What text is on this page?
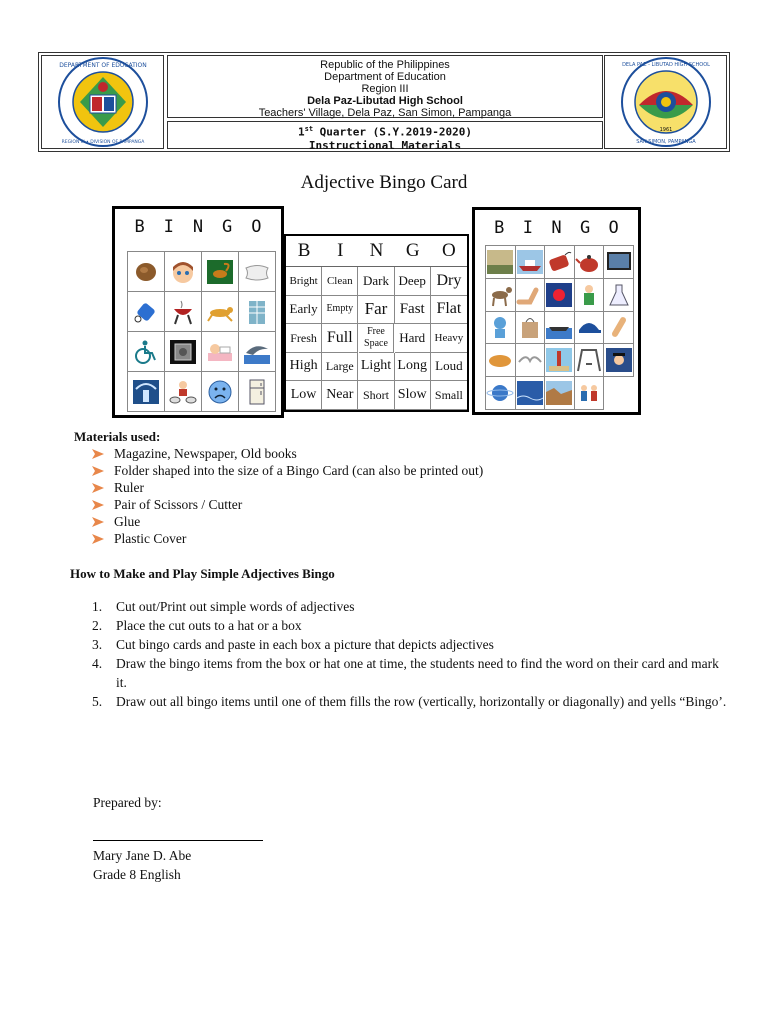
DEPARTMENT OF EDUCATION
REGION III • DIVISION OF PAMPANGA
Republic of the Philippines
Department of Education
Region III
Dela Paz-Libutad High School
Teachers' Village, Dela Paz, San Simon, Pampanga
1st Quarter (S.Y.2019-2020)
Instructional Materials
DELA PAZ - LIBUTAD HIGH SCHOOL
SAN SIMON, PAMPANGA
1961
Adjective Bingo Card
B I N G O
B	I	N	G	O
Bright Clean Dark Deep Dry
Early Empty Far Fast Flat
Fresh Full	Free Space Hard Heavy
High Large Light Long Loud
Low Near Short Slow Small
B I N G O
Materials used:
Magazine, Newspaper, Old books
Folder shaped into the size of a Bingo Card (can also be printed out)
Ruler
Pair of Scissors / Cutter
Glue
Plastic Cover
How to Make and Play Simple Adjectives Bingo
1.	Cut out/Print out simple words of adjectives
2.	Place the cut outs to a hat or a box
3.	Cut bingo cards and paste in each box a picture that depicts adjectives
4.	Draw the bingo items from the box or hat one at time, the students need to find the word on their card and mark it.
5.	Draw out all bingo items until one of them fills the row (vertically, horizontally or diagonally) and yells “Bingo’.
Prepared by:
Mary Jane D. Abe
Grade 8 English
